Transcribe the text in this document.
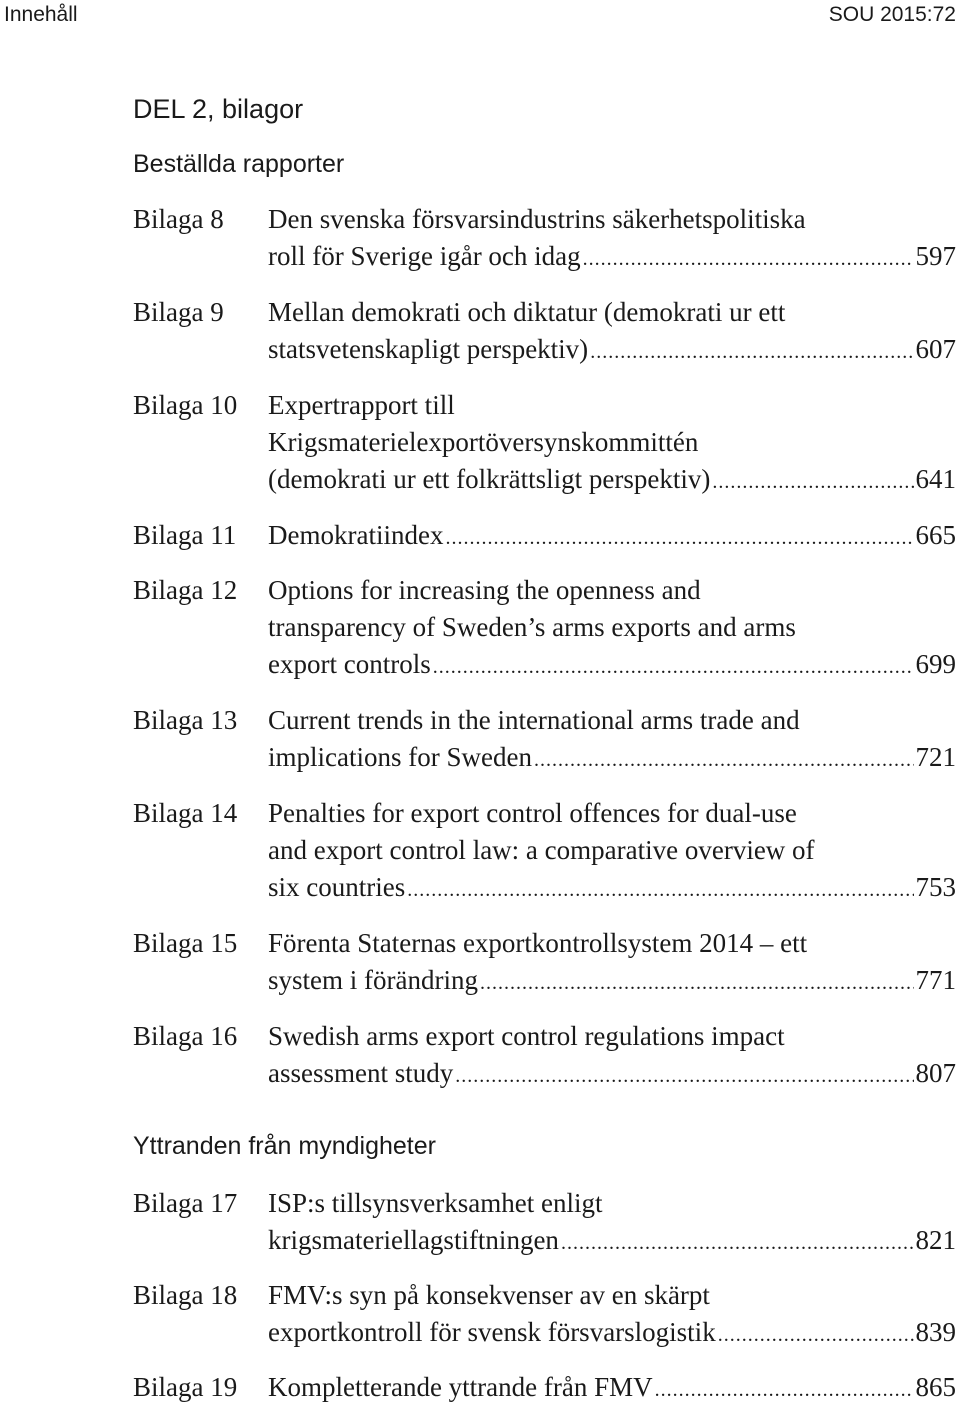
Innehåll	SOU 2015:72
DEL 2, bilagor
Beställda rapporter
Bilaga 8 Den svenska försvarsindustrins säkerhetspolitiska
roll för Sverige igår och idag .....	597
Bilaga 9 Mellan demokrati och diktatur (demokrati ur ett
statsvetenskapligt perspektiv) .....	607
Bilaga 10 Expertrapport till
Krigsmaterielexportöversynskommittén
(demokrati ur ett folkrättsligt perspektiv) .....	641
Bilaga 11 Demokratiindex .....	665
Bilaga 12 Options for increasing the openness and
transparency of Sweden’s arms exports and arms
export controls .....	699
Bilaga 13 Current trends in the international arms trade and
implications for Sweden .....	721
Bilaga 14 Penalties for export control offences for dual-use
and export control law: a comparative overview of
six countries .....	753
Bilaga 15 Förenta Staternas exportkontrollsystem 2014 – ett
system i förändring .....	771
Bilaga 16 Swedish arms export control regulations impact
assessment study .....	807
Yttranden från myndigheter
Bilaga 17 ISP:s tillsynsverksamhet enligt
krigsmateriellagstiftningen .....	821
Bilaga 18 FMV:s syn på konsekvenser av en skärpt
exportkontroll för svensk försvarslogistik .....	839
Bilaga 19 Kompletterande yttrande från FMV .....	865
